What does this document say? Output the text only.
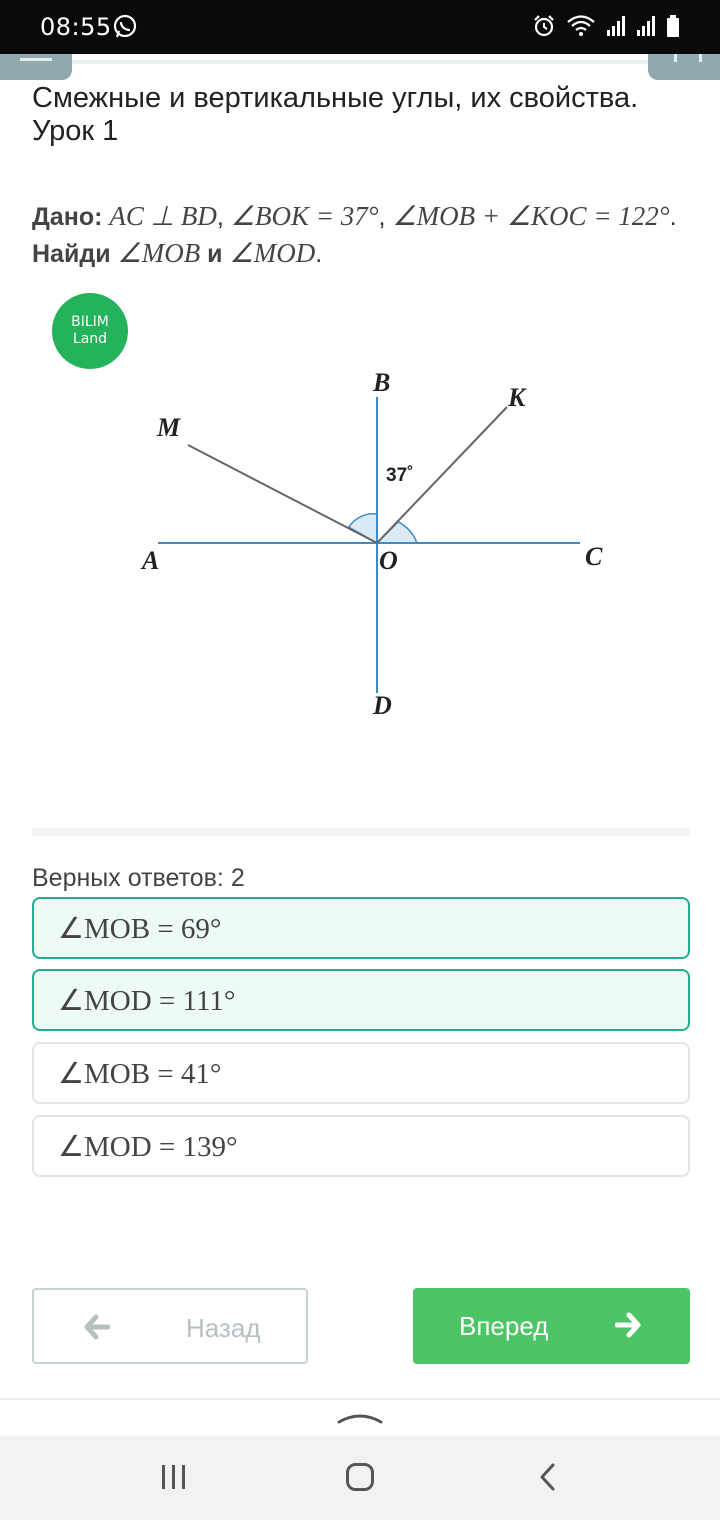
08:55
Смежные и вертикальные углы, их свойства. Урок 1
Дано: AC ⊥ BD, ∠BOK = 37°, ∠MOB + ∠KOC = 122°. Найди ∠MOB и ∠MOD.
BILIM
Land
B
K
M
A	O	C
D
37˚
Верных ответов: 2
∠MOB = 69°
∠MOD = 111°
∠MOB = 41°
∠MOD = 139°
Назад	Вперед
